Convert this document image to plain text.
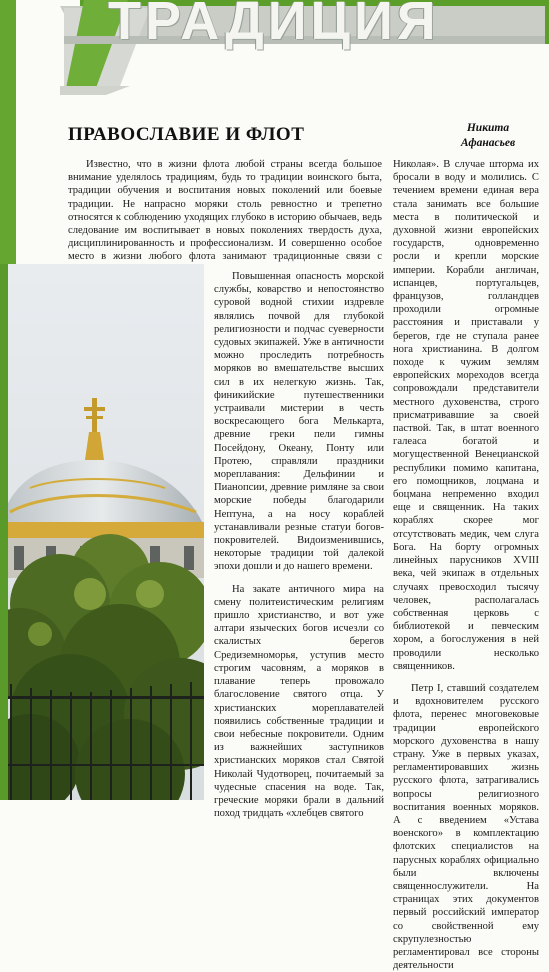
ТРАДИЦИЯ
ПРАВОСЛАВИЕ И ФЛОТ	Никита
Афанасьев

Известно, что в жизни флота любой страны всегда большое внимание уделялось традициям, будь то традиции воинского быта, традиции обучения и воспитания новых поколений или боевые традиции. Не напрасно моряки столь ревностно и трепетно относятся к соблюдению уходящих глубоко в историю обычаев, ведь следование им воспитывает в новых поколениях твердость духа, дисциплинированность и профессионализм. И совершенно особое место в жизни любого флота занимают традиционные связи с

Повышенная опасность морской службы, коварство и непостоянство суровой водной стихии издревле являлись почвой для глубокой религиозности и подчас суеверности судовых экипажей. Уже в античности можно проследить потребность моряков во вмешательстве высших сил в их нелегкую жизнь. Так, финикийские путешественники устраивали мистерии в честь воскресающего бога Мелькарта, древние греки пели гимны Посейдону, Океану, Понту или Протею, справляли праздники мореплавания: Дельфинии и Пианопсии, древние римляне за свои морские победы благодарили Нептуна, а на носу кораблей устанавливали резные статуи богов-покровителей. Видоизменившись, некоторые традиции той далекой эпохи дошли и до нашего времени.

На закате античного мира на смену политеистическим религиям пришло христианство, и вот уже алтари языческих богов исчезли со скалистых берегов Средиземноморья, уступив место строгим часовням, а моряков в плавание теперь провожало благословение святого отца. У христианских мореплавателей появились собственные традиции и свои небесные покровители. Одним из важнейших заступников христианских моряков стал Святой Николай Чудотворец, почитаемый за чудесные спасения на воде. Так, греческие моряки брали в дальний поход тридцать «хлебцев святого

Николая». В случае шторма их бросали в воду и молились. С течением времени единая вера стала занимать все большие места в политической и духовной жизни европейских государств, одновременно росли и крепли морские империи. Корабли англичан, испанцев, португальцев, французов, голландцев проходили огромные расстояния и приставали у берегов, где не ступала ранее нога христианина. В долгом походе к чужим землям европейских мореходов всегда сопровождали представители местного духовенства, строго присматривавшие за своей паствой. Так, в штат военного галеаса богатой и могущественной Венецианской республики помимо капитана, его помощников, лоцмана и боцмана непременно входил еще и священник. На таких кораблях скорее мог отсутствовать медик, чем слуга Бога. На борту огромных линейных парусников XVIII века, чей экипаж в отдельных случаях превосходил тысячу человек, располагалась собственная церковь с библиотекой и певческим хором, а богослужения в ней проводили несколько священников.

Петр I, ставший создателем и вдохновителем русского флота, перенес многовековые традиции европейского морского духовенства в нашу страну. Уже в первых указах, регламентировавших жизнь русского флота, затрагивались вопросы религиозного воспитания военных моряков. А с введением «Устава военского» в комплектацию флотских специалистов на парусных кораблях официально были включены священнослужители. На страницах этих документов первый российский император со свойственной ему скрупулезностью регламентировал все стороны деятельности
